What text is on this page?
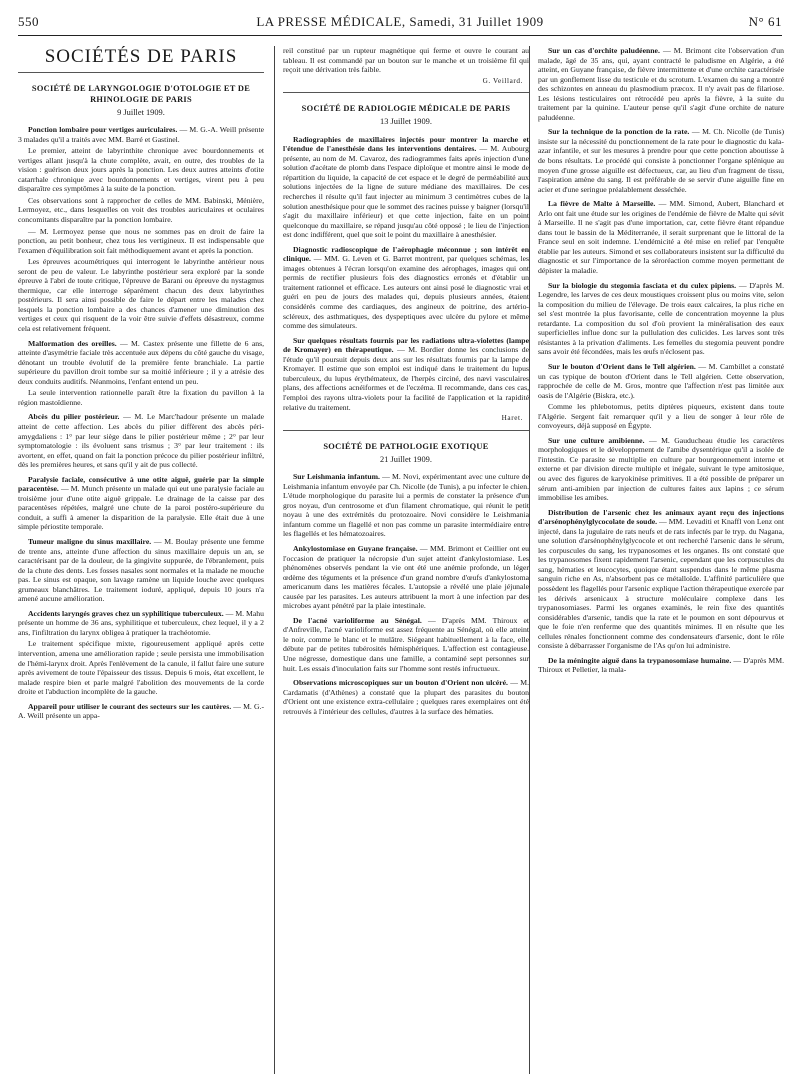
550	LA PRESSE MÉDICALE, Samedi, 31 Juillet 1909	N° 61
SOCIÉTÉS DE PARIS
SOCIÉTÉ DE LARYNGOLOGIE D'OTOLOGIE ET DE RHINOLOGIE DE PARIS
9 Juillet 1909.

Ponction lombaire pour vertiges auriculaires. — M. G.-A. Weill présente 3 malades qu'il a traités avec MM. Barré et Gastinel.

Le premier, atteint de labyrinthite chronique avec bourdonnements et vertiges allant jusqu'à la chute complète, avait, en outre, des troubles de la vision : guérison deux jours après la ponction. Les deux autres atteints d'otite catarrhale chronique avec bourdonnements et vertiges, virent peu à peu disparaître ces symptômes à la suite de la ponction.

Ces observations sont à rapprocher de celles de MM. Babinski, Ménière, Lermoyez, etc., dans lesquelles on voit des troubles auriculaires et oculaires concomitants disparaître par la ponction lombaire.

— M. Lermoyez pense que nous ne sommes pas en droit de faire la ponction, au petit bonheur, chez tous les vertigineux. Il est indispensable que l'examen d'équilibration soit fait méthodiquement avant et après la ponction.

Les épreuves acoumétriques qui interrogent le labyrinthe antérieur nous seront de peu de valeur. Le labyrinthe postérieur sera exploré par la sonde épreuve à l'abri de toute critique, l'épreuve de Barani ou épreuve du nystagmus thermique, car elle interroge séparément chacun des deux labyrinthes postérieurs. Il sera ainsi possible de faire le départ entre les malades chez lesquels la ponction lombaire a des chances d'amener une diminution des vertiges et ceux qui risquent de la voir être suivie d'effets désastreux, comme cela est relativement fréquent.

Malformation des oreilles. — M. Castex présente une fillette de 6 ans, atteinte d'asymétrie faciale très accentuée aux dépens du côté gauche du visage, dénotant un trouble évolutif de la première fente branchiale. La partie supérieure du pavillon droit tombe sur sa moitié inférieure ; il y a atrésie des deux conduits auditifs. Néanmoins, l'enfant entend un peu.

La seule intervention rationnelle paraît être la fixation du pavillon à la région mastoïdienne.

Abcès du pilier postérieur. — M. Le Marc'hadour présente un malade atteint de cette affection. Les abcès du pilier diffèrent des abcès péri-amygdaliens : 1° par leur siège dans le pilier postérieur même ; 2° par leur symptomatologie : ils évoluent sans trismus ; 3° par leur traitement : ils avortent, en effet, quand on fait la ponction précoce du pilier postérieur infiltré, dès les premières heures, et sans qu'il y ait de pus collecté.

Paralysie faciale, consécutive à une otite aiguë, guérie par la simple paracentèse. — M. Munch présente un malade qui eut une paralysie faciale au troisième jour d'une otite aiguë grippale. Le drainage de la caisse par des paracentèses répétées, malgré une chute de la paroi postéro-supérieure du conduit, a suffi à amener la disparition de la paralysie. Elle était due à une simple périostite temporale.

Tumeur maligne du sinus maxillaire. — M. Boulay présente une femme de trente ans, atteinte d'une affection du sinus maxillaire depuis un an, se caractérisant par de la douleur, de la gingivite suppurée, de l'ébranlement, puis de la chute des dents. Les fosses nasales sont normales et la malade ne mouche pas. Le sinus est opaque, son lavage ramène un liquide louche avec quelques grumeaux blanchâtres. Le traitement ioduré, appliqué, depuis 10 jours n'a amené aucune amélioration.

Accidents laryngés graves chez un syphilitique tuberculeux. — M. Mahu présente un homme de 36 ans, syphilitique et tuberculeux, chez lequel, il y a 2 ans, l'infiltration du larynx obligea à pratiquer la trachéotomie.

Le traitement spécifique mixte, rigoureusement appliqué après cette intervention, amena une amélioration rapide ; seule persista une immobilisation de l'hémi-larynx droit. Après l'enlèvement de la canule, il fallut faire une suture après avivement de toute l'épaisseur des tissus. Depuis 6 mois, état excellent, le malade respire bien et parle malgré l'abolition des mouvements de la corde droite et l'abduction incomplète de la gauche.

Appareil pour utiliser le courant des secteurs sur les cautères. — M. G.-A. Weill présente un appa-

reil constitué par un rupteur magnétique qui ferme et ouvre le courant au tableau. Il est commandé par un bouton sur le manche et un troisième fil qui reçoit une dérivation très faible.

G. Veillard.
SOCIÉTÉ DE RADIOLOGIE MÉDICALE DE PARIS
13 Juillet 1909.

Radiographies de maxillaires injectés pour montrer la marche et l'étendue de l'anesthésie dans les interventions dentaires. — M. Aubourg présente, au nom de M. Cavaroz, des radiogrammes faits après injection d'une solution d'acétate de plomb dans l'espace diploïque et montre ainsi le mode de répartition du liquide, la capacité de cet espace et le degré de perméabilité aux solutions injectées de la ligne de suture médiane des maxillaires. De ces recherches il résulte qu'il faut injecter au minimum 3 centimètres cubes de la solution anesthésique pour que le sommet des racines puisse y baigner (lorsqu'il s'agit du maxillaire inférieur) et que cette injection, faite en un point quelconque du maxillaire, se répand jusqu'au côté opposé ; le lieu de l'injection est donc indifférent, quel que soit le point du maxillaire à anesthésier.

Diagnostic radioscopique de l'aérophagie méconnue ; son intérêt en clinique. — MM. G. Leven et G. Barret montrent, par quelques schémas, les images obtenues à l'écran lorsqu'on examine des aérophages, images qui ont permis de rectifier plusieurs fois des diagnostics erronés et d'établir un traitement rationnel et efficace. Les auteurs ont ainsi posé le diagnostic vrai et guéri en peu de jours des malades qui, depuis plusieurs années, étaient considérés comme des cardiaques, des angineux de poitrine, des artério-scléreux, des asthmatiques, des dyspeptiques avec ulcère du pylore et même comme des simulateurs.

Sur quelques résultats fournis par les radiations ultra-violettes (lampe de Kromayer) en thérapeutique. — M. Bordier donne les conclusions de l'étude qu'il poursuit depuis deux ans sur les résultats fournis par la lampe de Kromayer. Il estime que son emploi est indiqué dans le traitement du lupus tuberculeux, du lupus érythémateux, de l'herpès circiné, des nævi vasculaires plans, des affections acnéiformes et de l'eczéma. Il recommande, dans ces cas, l'emploi des rayons ultra-violets pour la facilité de l'application et la rapidité relative du traitement.

Haret.
SOCIÉTÉ DE PATHOLOGIE EXOTIQUE
21 Juillet 1909.

Sur Leishmania infantum. — M. Novi, expérimentant avec une culture de Leishmania infantum envoyée par Ch. Nicolle (de Tunis), a pu infecter le chien. L'étude morphologique du parasite lui a permis de constater la présence d'un gros noyau, d'un centrosome et d'un filament chromatique, qui réunit le petit noyau à une des extrémités du protozoaire. Novi considère le Leishmania infantum comme un flagellé et non pas comme un parasite intermédiaire entre les flagellés et les hématozoaires.

Ankylostomiase en Guyane française. — MM. Brimont et Ceillier ont eu l'occasion de pratiquer la nécropsie d'un sujet atteint d'ankylostomiase. Les phénomènes observés pendant la vie ont été une anémie profonde, un léger œdème des téguments et la présence d'un grand nombre d'œufs d'ankylostoma americanum dans les matières fécales. L'autopsie a révélé une plaie jéjunale causée par les parasites. Les auteurs attribuent la mort à une infection par des microbes ayant pénétré par la plaie intestinale.

De l'acné varioliforme au Sénégal. — D'après MM. Thiroux et d'Anfreville, l'acné varioliforme est assez fréquente au Sénégal, où elle atteint le noir, comme le blanc et le mulâtre. Siégeant habituellement à la face, elle débute par de petites tubérosités hémisphériques. L'affection est contagieuse. Une négresse, domestique dans une famille, a contaminé sept personnes sur huit. Les essais d'inoculation faits sur l'homme sont restés infructueux.

Observations microscopiques sur un bouton d'Orient non ulcéré. — M. Cardamatis (d'Athènes) a constaté que la plupart des parasites du bouton d'Orient ont une existence extra-cellulaire ; quelques rares exemplaires ont été retrouvés à l'intérieur des cellules, d'autres à la surface des hématies.

Sur un cas d'orchite paludéenne. — M. Brimont cite l'observation d'un malade, âgé de 35 ans, qui, ayant contracté le paludisme en Algérie, a été atteint, en Guyane française, de fièvre intermittente et d'une orchite caractérisée par un gonflement lisse du testicule et du scrotum. L'examen du sang a montré des schizontes en anneau du plasmodium præcox. Il n'y avait pas de filariose. Les lésions testiculaires ont rétrocédé peu après la fièvre, à la suite du traitement par la quinine. L'auteur pense qu'il s'agit d'une orchite de nature paludéenne.

Sur la technique de la ponction de la rate. — M. Ch. Nicolle (de Tunis) insiste sur la nécessité du ponctionnement de la rate pour le diagnostic du kala-azar infantile, et sur les mesures à prendre pour que cette ponction aboutisse à de bons résultats. Le procédé qui consiste à ponctionner l'organe splénique au moyen d'une grosse aiguille est défectueux, car, au lieu d'un fragment de tissu, l'aspiration amène du sang. Il est préférable de se servir d'une aiguille fine en acier et d'une seringue préalablement desséchée.

La fièvre de Malte à Marseille. — MM. Simond, Aubert, Blanchard et Arlo ont fait une étude sur les origines de l'endémie de fièvre de Malte qui sévit à Marseille. Il ne s'agit pas d'une importation, car, cette fièvre étant répandue dans tout le bassin de la Méditerranée, il serait surprenant que le littoral de la France seul en soit indemne. L'endémicité a été mise en relief par l'enquête établie par les auteurs. Simond et ses collaborateurs insistent sur la difficulté du diagnostic et sur l'importance de la séroréaction comme moyen permettant de dépister la maladie.

Sur la biologie du stegomia fasciata et du culex pipiens. — D'après M. Legendre, les larves de ces deux moustiques croissent plus ou moins vite, selon la composition du milieu de l'élevage. De trois eaux calcaires, la plus riche en sel s'est montrée la plus favorisante, celle de concentration moyenne la plus retardante. La composition du sol d'où provient la minéralisation des eaux superficielles influe donc sur la pullulation des culicides. Les larves sont très résistantes à la privation d'aliments. Les femelles du stegomia peuvent pondre sans avoir été fécondées, mais les œufs n'éclosent pas.

Sur le bouton d'Orient dans le Tell algérien. — M. Cambillet a constaté un cas typique de bouton d'Orient dans le Tell algérien. Cette observation, rapprochée de celle de M. Gros, montre que l'affection n'est pas limitée aux oasis de l'Algérie (Biskra, etc.).

Comme les phlebotomus, petits diptères piqueurs, existent dans toute l'Algérie. Sergent fait remarquer qu'il y a lieu de songer à leur rôle de convoyeurs, déjà supposé en Égypte.

Sur une culture amibienne. — M. Gauducheau étudie les caractères morphologiques et le développement de l'amibe dysentérique qu'il a isolée de l'intestin. Ce parasite se multiplie en culture par bourgeonnement interne et externe et par division directe multiple et inégale, suivant le type amitosique, ou avec des figures de karyokinèse primitives. Il a été possible de préparer un sérum anti-amibien par injection de cultures faites aux lapins ; ce sérum immobilise les amibes.

Distribution de l'arsenic chez les animaux ayant reçu des injections d'arsénophénylglycocolate de soude. — MM. Levaditi et Knaffl von Lenz ont injecté, dans la jugulaire de rats neufs et de rats infectés par le tryp. du Nagana, une solution d'arsénophénylglycocole et ont recherché l'arsenic dans le sérum, les corpuscules du sang, les trypanosomes et les organes. Ils ont constaté que les trypanosomes fixent rapidement l'arsenic, cependant que les corpuscules du sang, hématies et leucocytes, quoique étant suspendus dans le même plasma sanguin riche en As, n'absorbent pas ce métalloïde. L'affinité particulière que possèdent les flagellés pour l'arsenic explique l'action thérapeutique exercée par les dérivés arsenicaux à structure moléculaire complexe dans les trypanosomiases. Parmi les organes examinés, le rein fixe des quantités considérables d'arsenic, tandis que la rate et le poumon en sont dépourvus et que le foie n'en renferme que des quantités minimes. Il en résulte que les cellules rénales fonctionnent comme des condensateurs d'arsenic, dont le rôle consiste à débarrasser l'organisme de l'As qu'on lui administre.

De la méningite aiguë dans la trypanosomiase humaine. — D'après MM. Thiroux et Pelletier, la mala-
